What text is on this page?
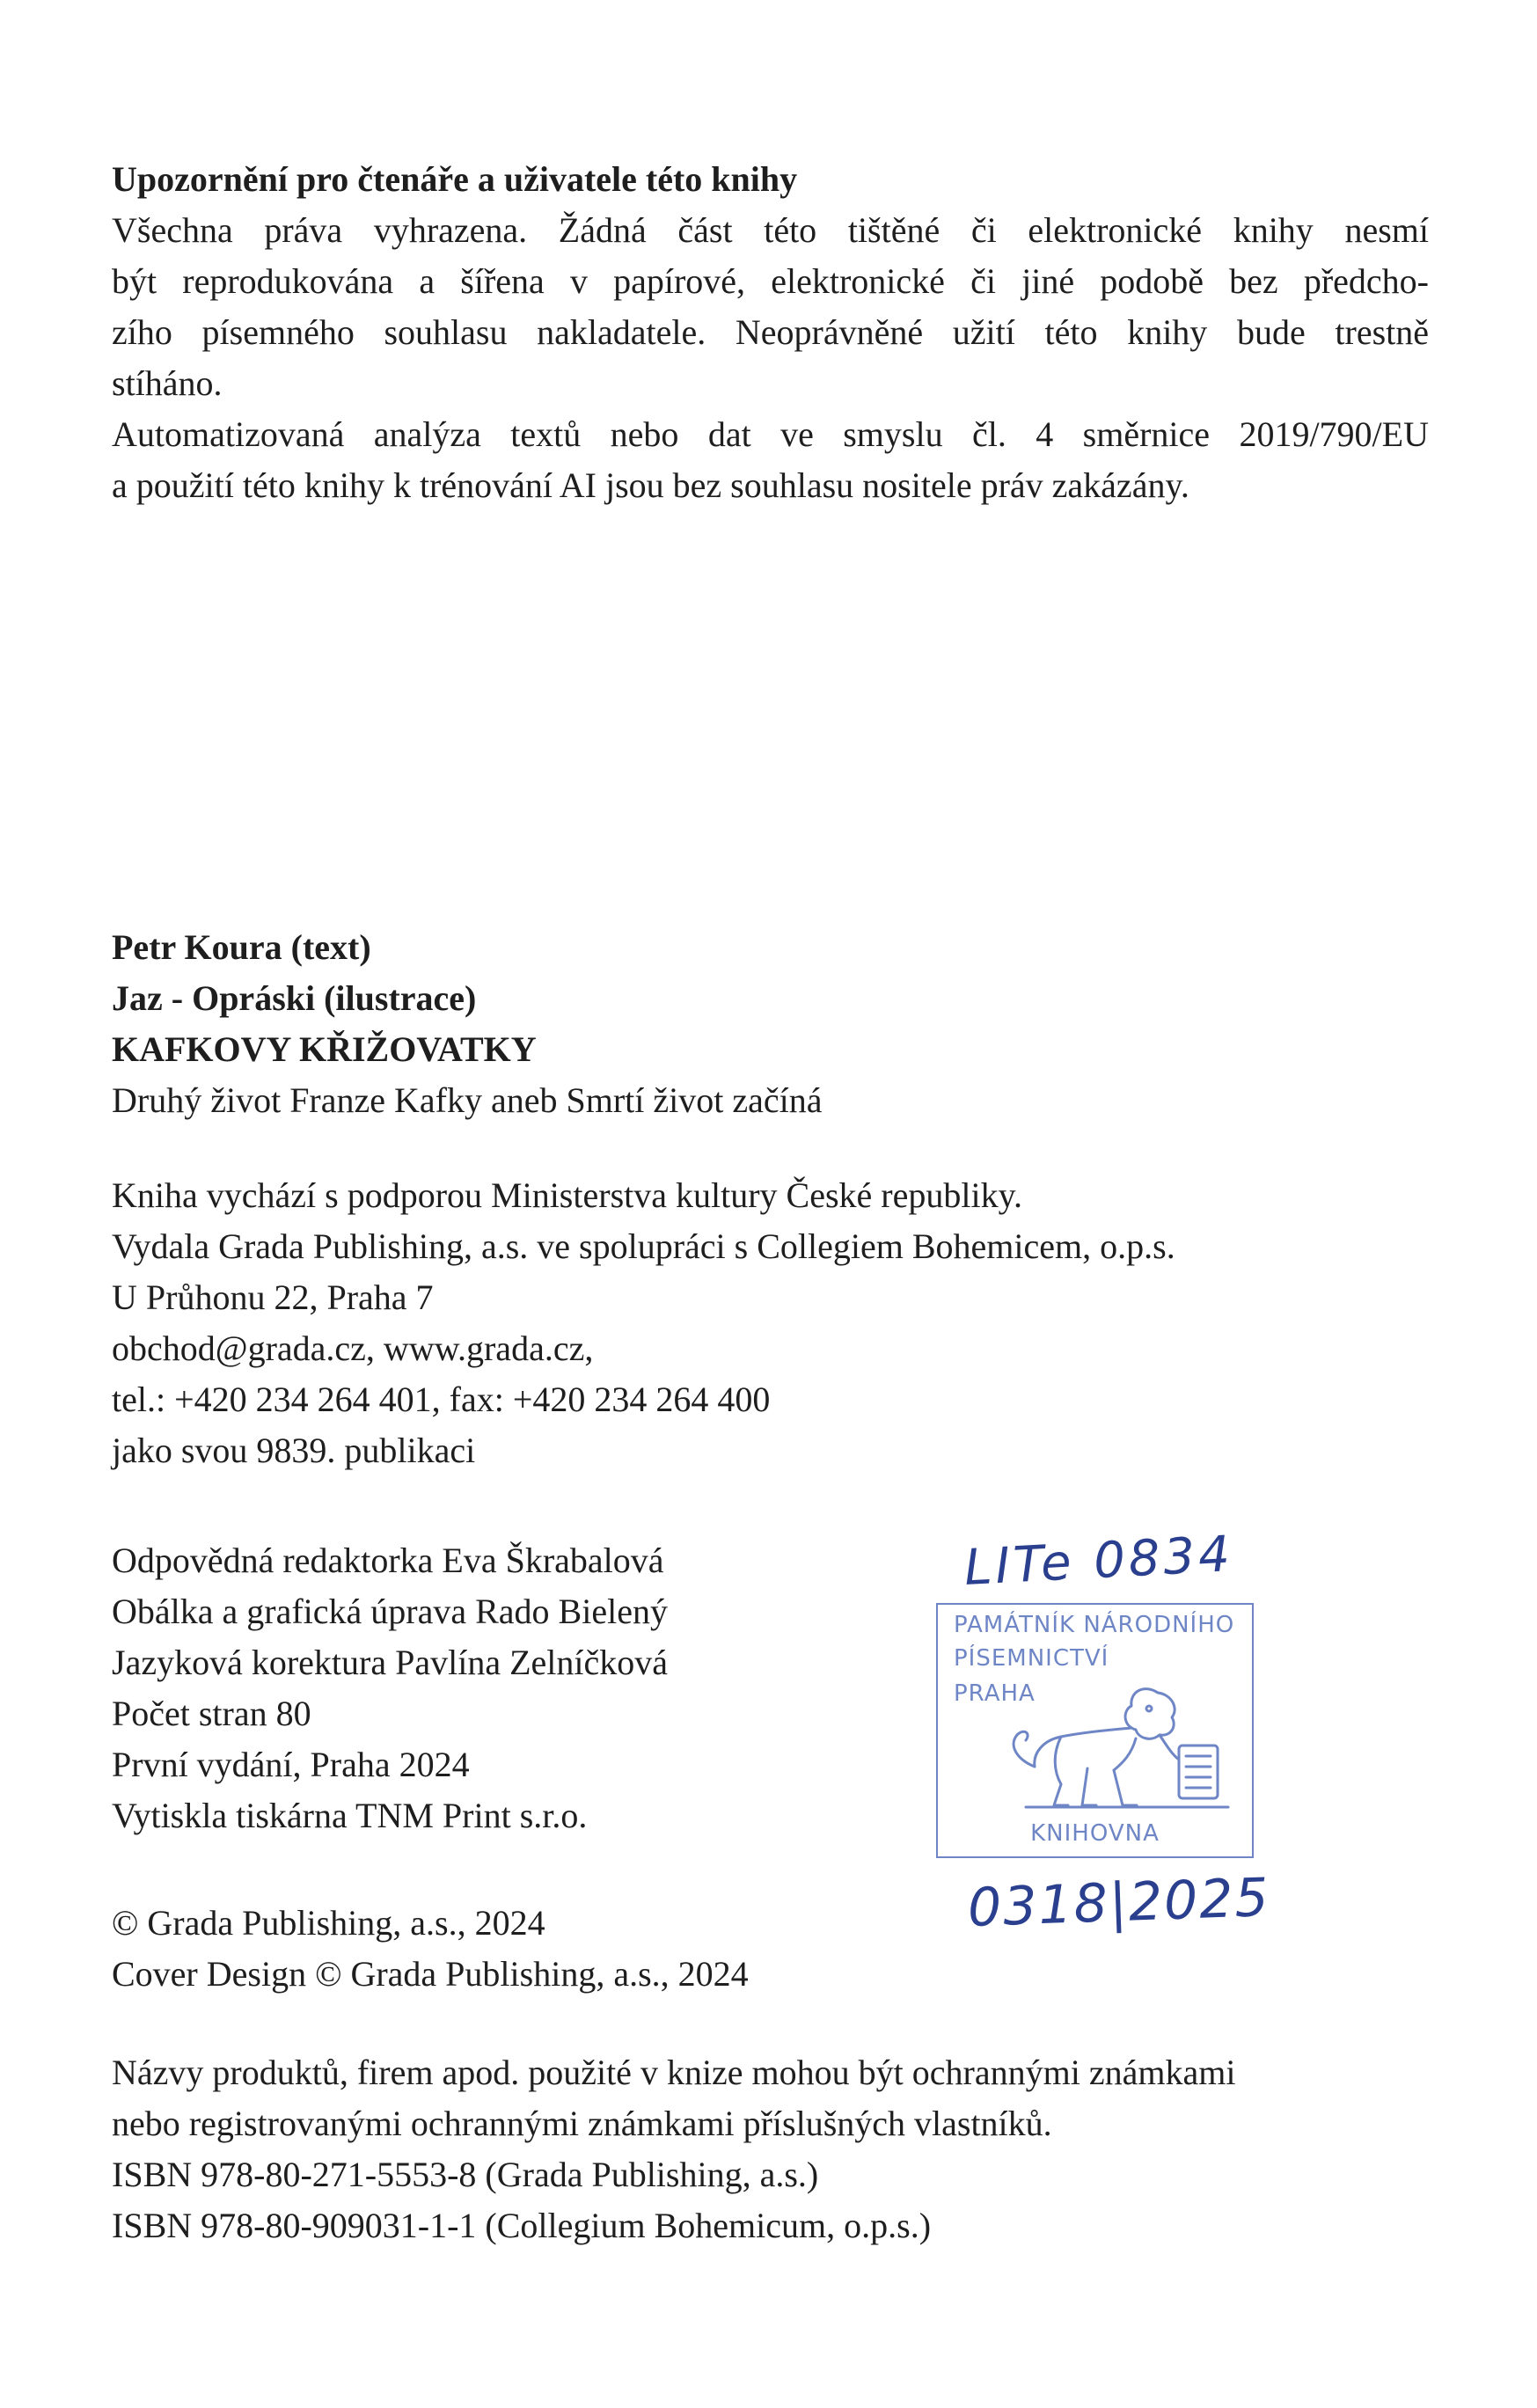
Upozornění pro čtenáře a uživatele této knihy

Všechna práva vyhrazena. Žádná část této tištěné či elektronické knihy nesmí

být reprodukována a šířena v papírové, elektronické či jiné podobě bez předcho-

zího písemného souhlasu nakladatele. Neoprávněné užití této knihy bude trestně

stíháno.

Automatizovaná analýza textů nebo dat ve smyslu čl. 4 směrnice 2019/790/EU

a použití této knihy k trénování AI jsou bez souhlasu nositele práv zakázány.

Petr Koura (text)

Jaz - Opráski (ilustrace)

KAFKOVY KŘIŽOVATKY

Druhý život Franze Kafky aneb Smrtí život začíná

Kniha vychází s podporou Ministerstva kultury České republiky.

Vydala Grada Publishing, a.s. ve spolupráci s Collegiem Bohemicem, o.p.s.

U Průhonu 22, Praha 7

obchod@grada.cz, www.grada.cz,

tel.: +420 234 264 401, fax: +420 234 264 400

jako svou 9839. publikaci

Odpovědná redaktorka Eva Škrabalová

Obálka a grafická úprava Rado Bielený

Jazyková korektura Pavlína Zelníčková

Počet stran 80

První vydání, Praha 2024

Vytiskla tiskárna TNM Print s.r.o.

© Grada Publishing, a.s., 2024

Cover Design © Grada Publishing, a.s., 2024

Názvy produktů, firem apod. použité v knize mohou být ochrannými známkami

nebo registrovanými ochrannými známkami příslušných vlastníků.

ISBN 978-80-271-5553-8 (Grada Publishing, a.s.)

ISBN 978-80-909031-1-1 (Collegium Bohemicum, o.p.s.)

LITe 0834
PAMÁTNÍK NÁRODNÍHO
PÍSEMNICTVÍ
PRAHA
KNIHOVNA
0318|2025
